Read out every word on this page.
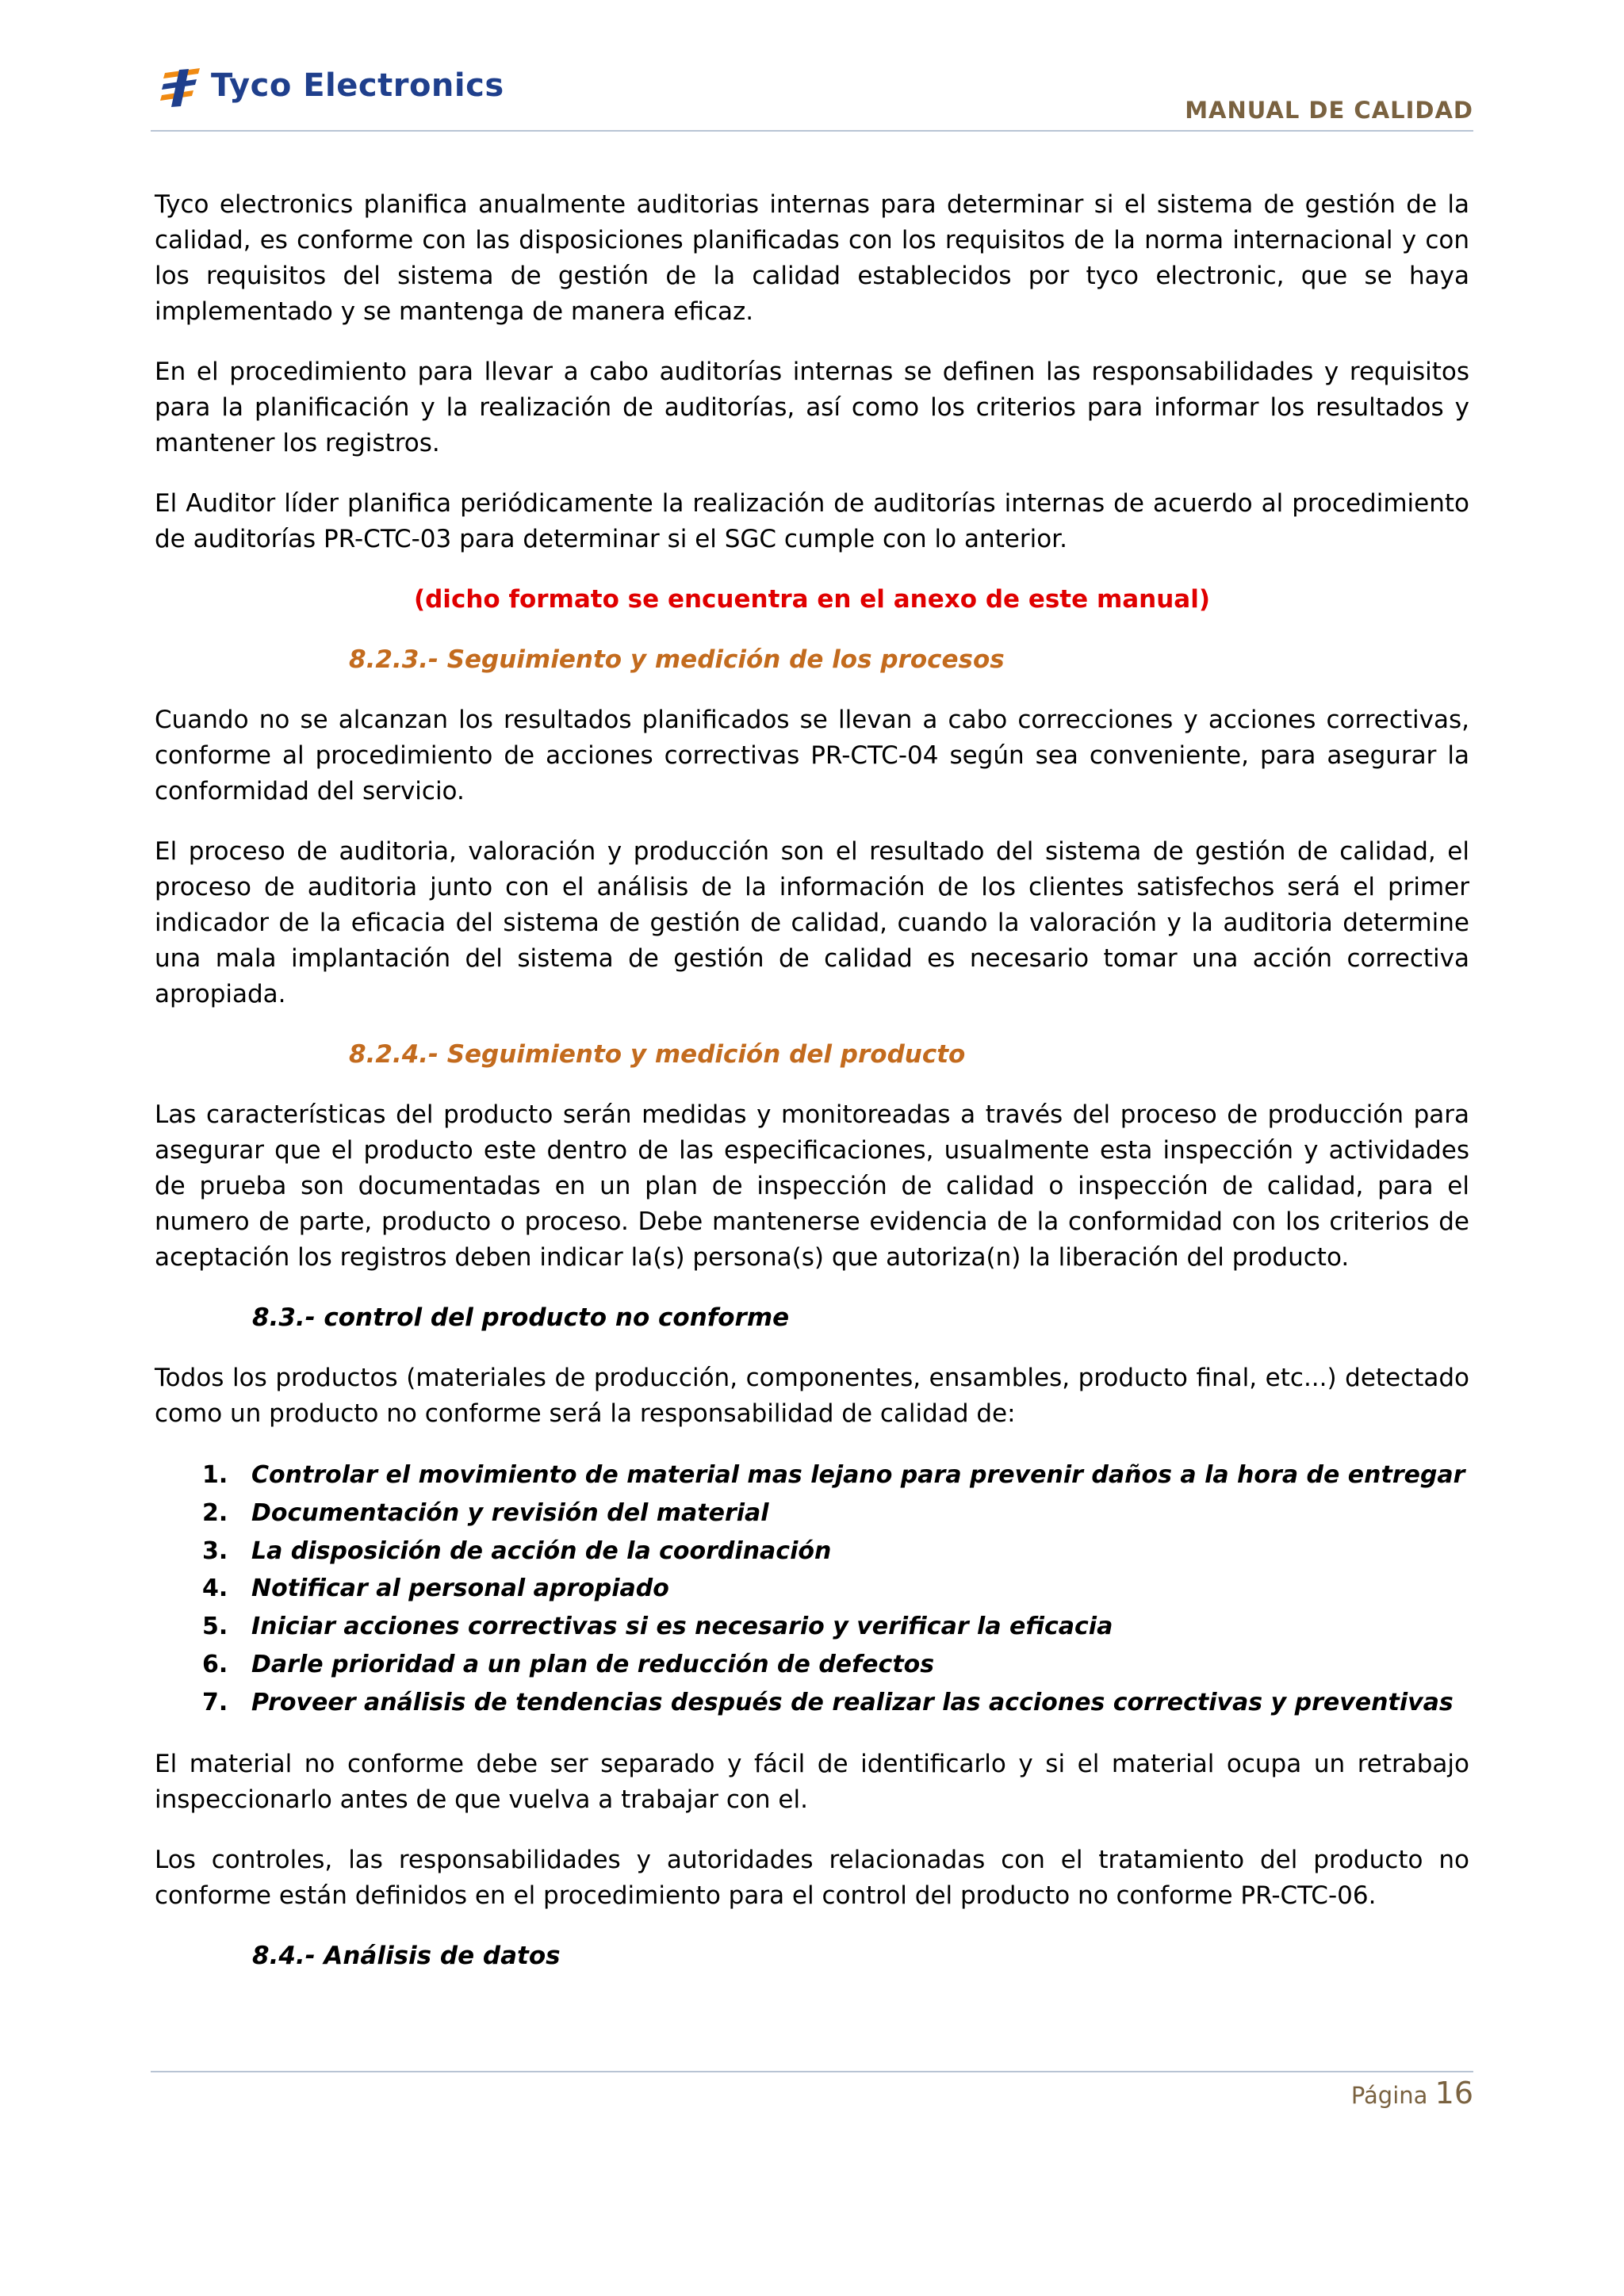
Tyco Electronics
MANUAL DE CALIDAD

Tyco electronics planifica anualmente auditorias internas para determinar si el sistema de gestión de la calidad, es conforme con las disposiciones planificadas con los requisitos de la norma internacional y con los requisitos del sistema de gestión de la calidad establecidos por tyco electronic, que se haya implementado y se mantenga de manera eficaz.

En el procedimiento para llevar a cabo auditorías internas se definen las responsabilidades y requisitos para la planificación y la realización de auditorías, así como los criterios para informar los resultados y mantener los registros.

El Auditor líder planifica periódicamente la realización de auditorías internas de acuerdo al procedimiento de auditorías PR-CTC-03 para determinar si el SGC cumple con lo anterior.

(dicho formato se encuentra en el anexo de este manual)

8.2.3.- Seguimiento y medición de los procesos

Cuando no se alcanzan los resultados planificados se llevan a cabo correcciones y acciones correctivas, conforme al procedimiento de acciones correctivas PR-CTC-04 según sea conveniente, para asegurar la conformidad del servicio.

El proceso de auditoria, valoración y producción son el resultado del sistema de gestión de calidad, el proceso de auditoria junto con el análisis de la información de los clientes satisfechos será el primer indicador de la eficacia del sistema de gestión de calidad, cuando la valoración y la auditoria determine una mala implantación del sistema de gestión de calidad es necesario tomar una acción correctiva apropiada.

8.2.4.- Seguimiento y medición del producto

Las características del producto serán medidas y monitoreadas a través del proceso de producción para asegurar que el producto este dentro de las especificaciones, usualmente esta inspección y actividades de prueba son documentadas en un plan de inspección de calidad o inspección de calidad, para el numero de parte, producto o proceso. Debe mantenerse evidencia de la conformidad con los criterios de aceptación los registros deben indicar la(s) persona(s) que autoriza(n) la liberación del producto.

8.3.- control del producto no conforme

Todos los productos (materiales de producción, componentes, ensambles, producto final, etc...) detectado como un producto no conforme será la responsabilidad de calidad de:

1. Controlar el movimiento de material mas lejano para prevenir daños a la hora de entregar
2. Documentación y revisión del material
3. La disposición de acción de la coordinación
4. Notificar al personal apropiado
5. Iniciar acciones correctivas si es necesario y verificar la eficacia
6. Darle prioridad a un plan de reducción de defectos
7. Proveer análisis de tendencias después de realizar las acciones correctivas y preventivas

El material no conforme debe ser separado y fácil de identificarlo y si el material ocupa un retrabajo inspeccionarlo antes de que vuelva a trabajar con el.

Los controles, las responsabilidades y autoridades relacionadas con el tratamiento del producto no conforme están definidos en el procedimiento para el control del producto no conforme PR-CTC-06.

8.4.- Análisis de datos

Página 16
